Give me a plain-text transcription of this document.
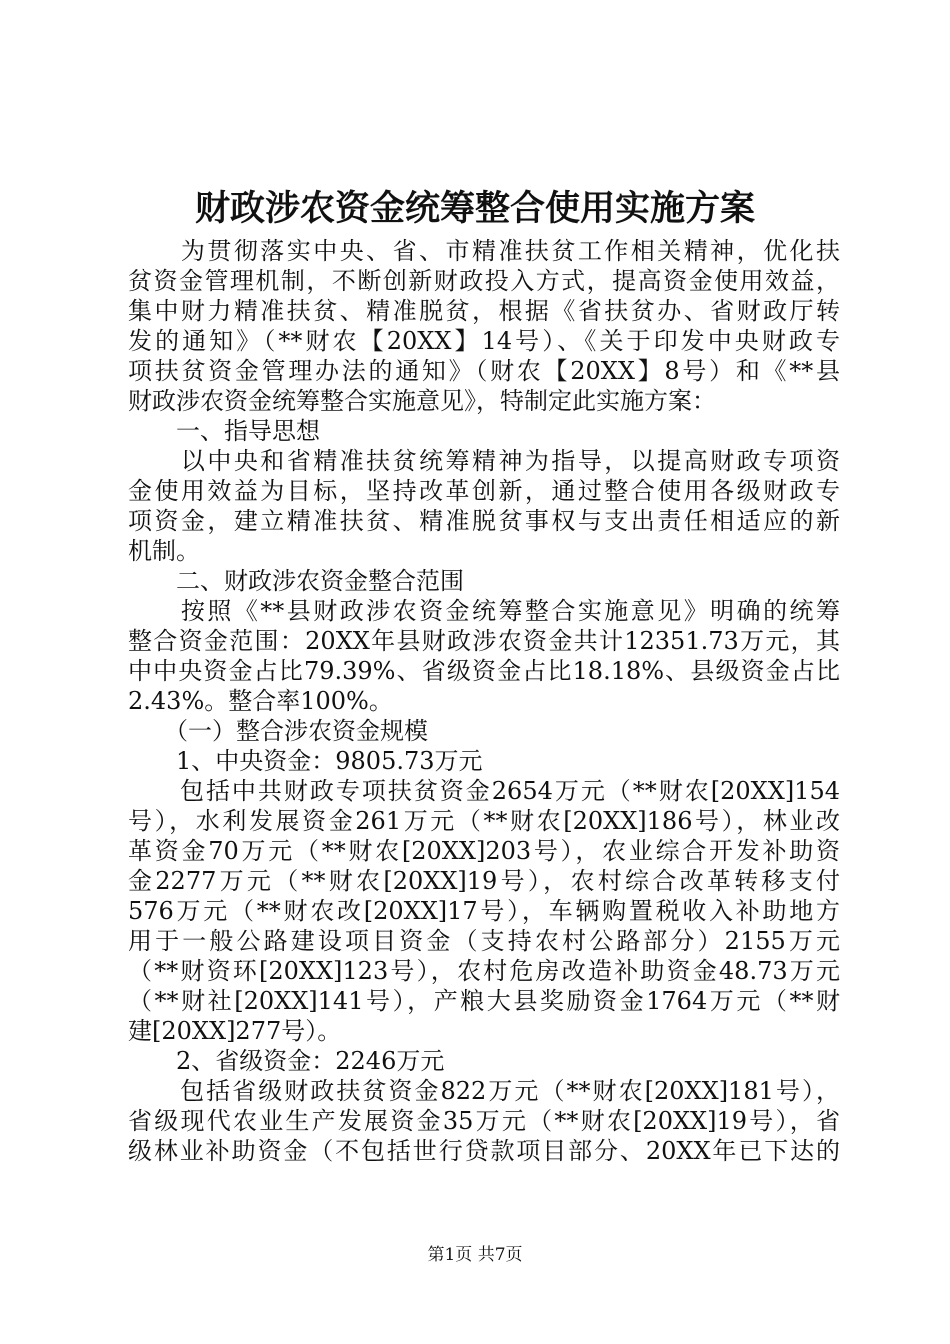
财政涉农资金统筹整合使用实施方案
　　为贯彻落实中央、省、市精准扶贫工作相关精神，优化扶
贫资金管理机制，不断创新财政投入方式，提高资金使用效益，
集中财力精准扶贫、精准脱贫，根据《省扶贫办、省财政厅转
发的通知》（**财农【20XX】14号）、《关于印发中央财政专
项扶贫资金管理办法的通知》（财农【20XX】8号）和《**县
财政涉农资金统筹整合实施意见》，特制定此实施方案：
　　一、指导思想
　　以中央和省精准扶贫统筹精神为指导，以提高财政专项资
金使用效益为目标，坚持改革创新，通过整合使用各级财政专
项资金，建立精准扶贫、精准脱贫事权与支出责任相适应的新
机制。
　　二、财政涉农资金整合范围
　　按照《**县财政涉农资金统筹整合实施意见》明确的统筹
整合资金范围：20XX年县财政涉农资金共计12351.73万元，其
中中央资金占比79.39%、省级资金占比18.18%、县级资金占比
2.43%。整合率100%。
　　（一）整合涉农资金规模
　　1、中央资金：9805.73万元
　　包括中共财政专项扶贫资金2654万元（**财农[20XX]154
号），水利发展资金261万元（**财农[20XX]186号），林业改
革资金70万元（**财农[20XX]203号），农业综合开发补助资
金2277万元（**财农[20XX]19号），农村综合改革转移支付
576万元（**财农改[20XX]17号），车辆购置税收入补助地方
用于一般公路建设项目资金（支持农村公路部分）2155万元
（**财资环[20XX]123号），农村危房改造补助资金48.73万元
（**财社[20XX]141号），产粮大县奖励资金1764万元（**财
建[20XX]277号）。
　　2、省级资金：2246万元
　　包括省级财政扶贫资金822万元（**财农[20XX]181号），
省级现代农业生产发展资金35万元（**财农[20XX]19号），省
级林业补助资金（不包括世行贷款项目部分、20XX年已下达的
第1页 共7页
